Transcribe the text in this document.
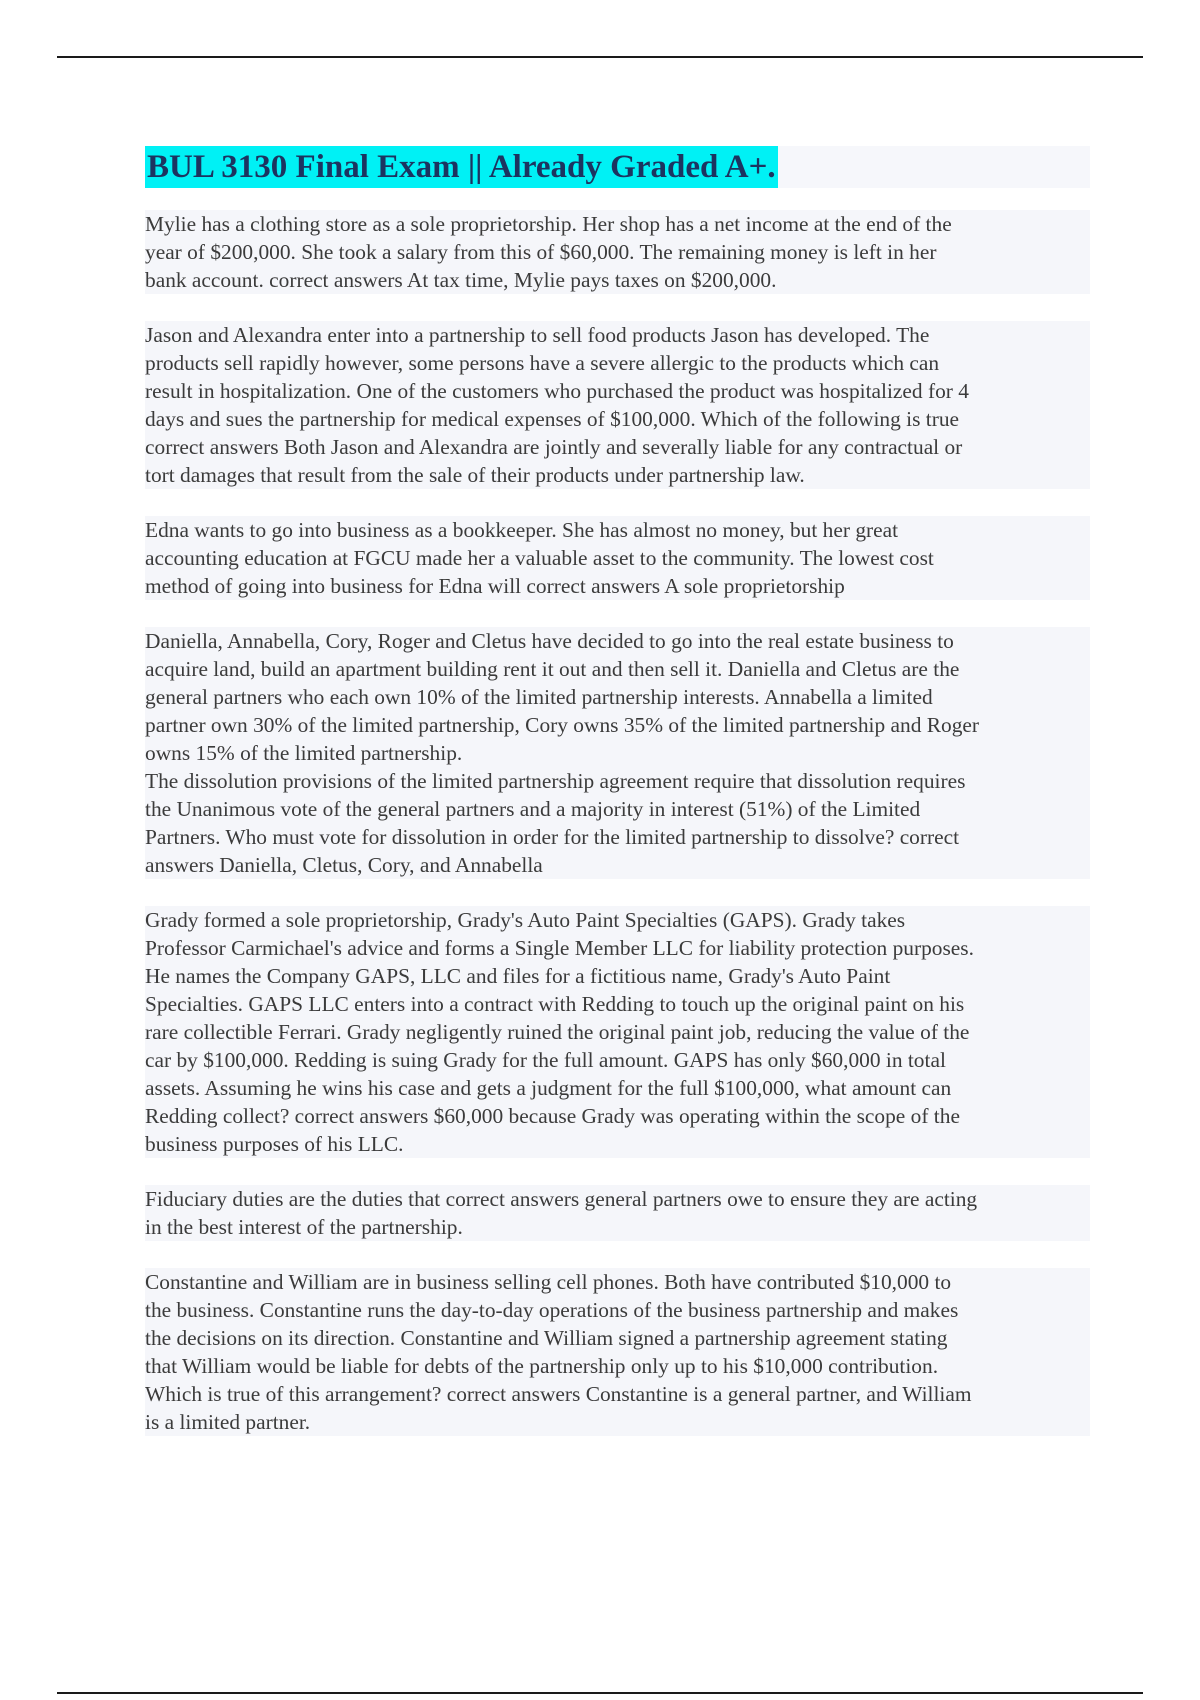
BUL 3130 Final Exam || Already Graded A+.
Mylie has a clothing store as a sole proprietorship. Her shop has a net income at the end of the
year of $200,000. She took a salary from this of $60,000. The remaining money is left in her
bank account. correct answers At tax time, Mylie pays taxes on $200,000.
Jason and Alexandra enter into a partnership to sell food products Jason has developed. The
products sell rapidly however, some persons have a severe allergic to the products which can
result in hospitalization. One of the customers who purchased the product was hospitalized for 4
days and sues the partnership for medical expenses of $100,000. Which of the following is true
correct answers Both Jason and Alexandra are jointly and severally liable for any contractual or
tort damages that result from the sale of their products under partnership law.
Edna wants to go into business as a bookkeeper. She has almost no money, but her great
accounting education at FGCU made her a valuable asset to the community. The lowest cost
method of going into business for Edna will correct answers A sole proprietorship
Daniella, Annabella, Cory, Roger and Cletus have decided to go into the real estate business to
acquire land, build an apartment building rent it out and then sell it. Daniella and Cletus are the
general partners who each own 10% of the limited partnership interests. Annabella a limited
partner own 30% of the limited partnership, Cory owns 35% of the limited partnership and Roger
owns 15% of the limited partnership.
The dissolution provisions of the limited partnership agreement require that dissolution requires
the Unanimous vote of the general partners and a majority in interest (51%) of the Limited
Partners. Who must vote for dissolution in order for the limited partnership to dissolve? correct
answers Daniella, Cletus, Cory, and Annabella
Grady formed a sole proprietorship, Grady's Auto Paint Specialties (GAPS). Grady takes
Professor Carmichael's advice and forms a Single Member LLC for liability protection purposes.
He names the Company GAPS, LLC and files for a fictitious name, Grady's Auto Paint
Specialties. GAPS LLC enters into a contract with Redding to touch up the original paint on his
rare collectible Ferrari. Grady negligently ruined the original paint job, reducing the value of the
car by $100,000. Redding is suing Grady for the full amount. GAPS has only $60,000 in total
assets. Assuming he wins his case and gets a judgment for the full $100,000, what amount can
Redding collect? correct answers $60,000 because Grady was operating within the scope of the
business purposes of his LLC.
Fiduciary duties are the duties that correct answers general partners owe to ensure they are acting
in the best interest of the partnership.
Constantine and William are in business selling cell phones. Both have contributed $10,000 to
the business. Constantine runs the day-to-day operations of the business partnership and makes
the decisions on its direction. Constantine and William signed a partnership agreement stating
that William would be liable for debts of the partnership only up to his $10,000 contribution.
Which is true of this arrangement? correct answers Constantine is a general partner, and William
is a limited partner.
